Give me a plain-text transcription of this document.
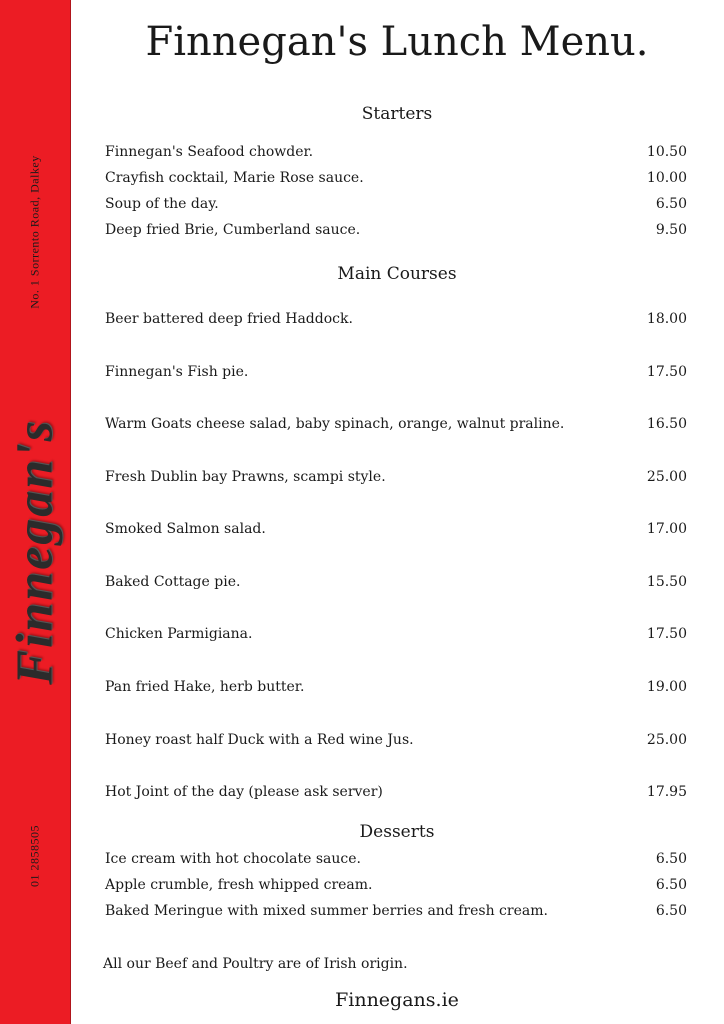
No. 1 Sorrento Road, Dalkey
Finnegan's
01 2858505
Finnegan's Lunch Menu.
Starters
Finnegan's Seafood chowder.	10.50
Crayfish cocktail, Marie Rose sauce.	10.00
Soup of the day.	6.50
Deep fried Brie, Cumberland sauce.	9.50
Main Courses
Beer battered deep fried Haddock.	18.00
Finnegan's Fish pie.	17.50
Warm Goats cheese salad, baby spinach, orange, walnut praline.	16.50
Fresh Dublin bay Prawns, scampi style.	25.00
Smoked Salmon salad.	17.00
Baked Cottage pie.	15.50
Chicken Parmigiana.	17.50
Pan fried Hake, herb butter.	19.00
Honey roast half Duck with a Red wine Jus.	25.00
Hot Joint of the day (please ask server)	17.95
Desserts
Ice cream with hot chocolate sauce.	6.50
Apple crumble, fresh whipped cream.	6.50
Baked Meringue with mixed summer berries and fresh cream.	6.50
All our Beef and Poultry are of Irish origin.
Finnegans.ie
